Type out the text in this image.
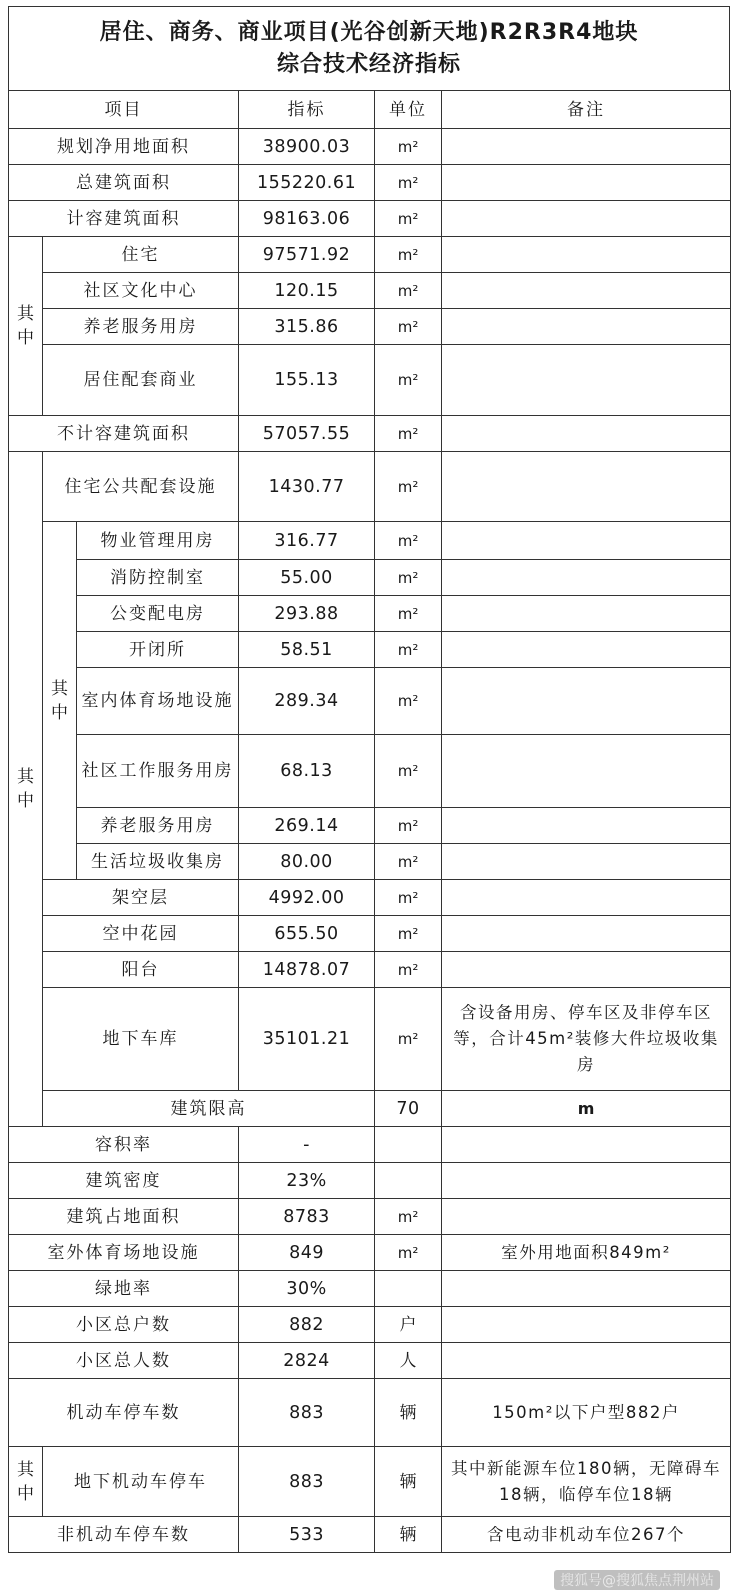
居住、商务、商业项目(光谷创新天地)R2R3R4地块
综合技术经济指标
项目			指标	单位	备注	
规划净用地面积			38900.03	m²		
总建筑面积			155220.61	m²		
计容建筑面积			98163.06	m²		
其中	住宅		97571.92	m²		
	社区文化中心		120.15	m²		
	养老服务用房		315.86	m²		
	居住配套商业		155.13	m²		
不计容建筑面积			57057.55	m²		
其中	住宅公共配套设施		1430.77	m²		
	其中	物业管理用房	316.77	m²		
		消防控制室	55.00	m²		
		公变配电房	293.88	m²		
		开闭所	58.51	m²		
		室内体育场地设施	289.34	m²		
		社区工作服务用房	68.13	m²		
		养老服务用房	269.14	m²		
		生活垃圾收集房	80.00	m²		
	架空层		4992.00	m²		
	空中花园		655.50	m²		
	阳台		14878.07	m²		
	地下车库		35101.21	m²	含设备用房、停车区及非停车区等，合计45m²装修大件垃圾收集房	
	建筑限高			70	m	
容积率			-			
建筑密度			23%			
建筑占地面积			8783	m²		
室外体育场地设施			849	m²	室外用地面积849m²	
绿地率			30%			
小区总户数			882	户		
小区总人数			2824	人		
机动车停车数			883	辆	150m²以下户型882户	
其中	地下机动车停车		883	辆	其中新能源车位180辆，无障碍车18辆，临停车位18辆	
非机动车停车数			533	辆	含电动非机动车位267个	
搜狐号@搜狐焦点荆州站
